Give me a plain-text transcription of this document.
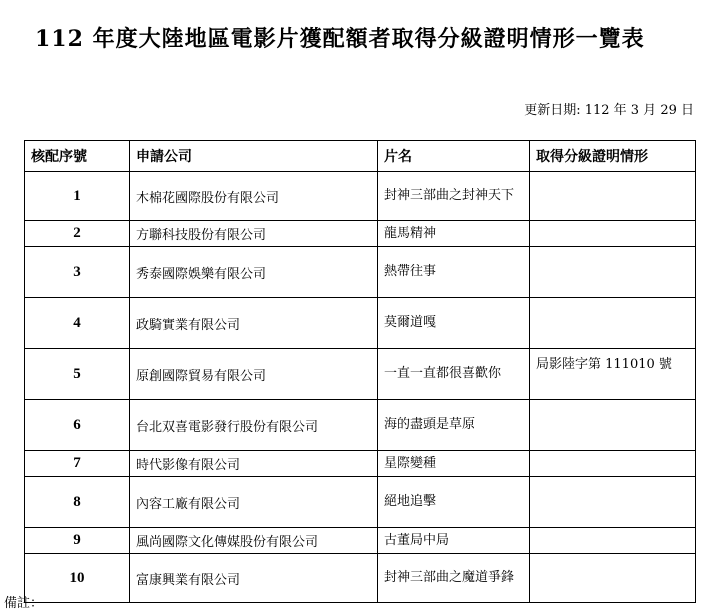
112 年度大陸地區電影片獲配額者取得分級證明情形一覽表
更新日期: 112 年 3 月 29 日
核配序號	申請公司	片名	取得分級證明情形
1	木棉花國際股份有限公司	封神三部曲之封神天下	
2	方聯科技股份有限公司	龍馬精神	
3	秀泰國際娛樂有限公司	熱帶往事	
4	政騎實業有限公司	莫爾道嘎	
5	原創國際貿易有限公司	一直一直都很喜歡你	局影陸字第 111010 號
6	台北双喜電影發行股份有限公司	海的盡頭是草原	
7	時代影像有限公司	星際變種	
8	內容工廠有限公司	絕地追擊	
9	風尚國際文化傳媒股份有限公司	古董局中局	
10	富康興業有限公司	封神三部曲之魔道爭鋒	
備註：
